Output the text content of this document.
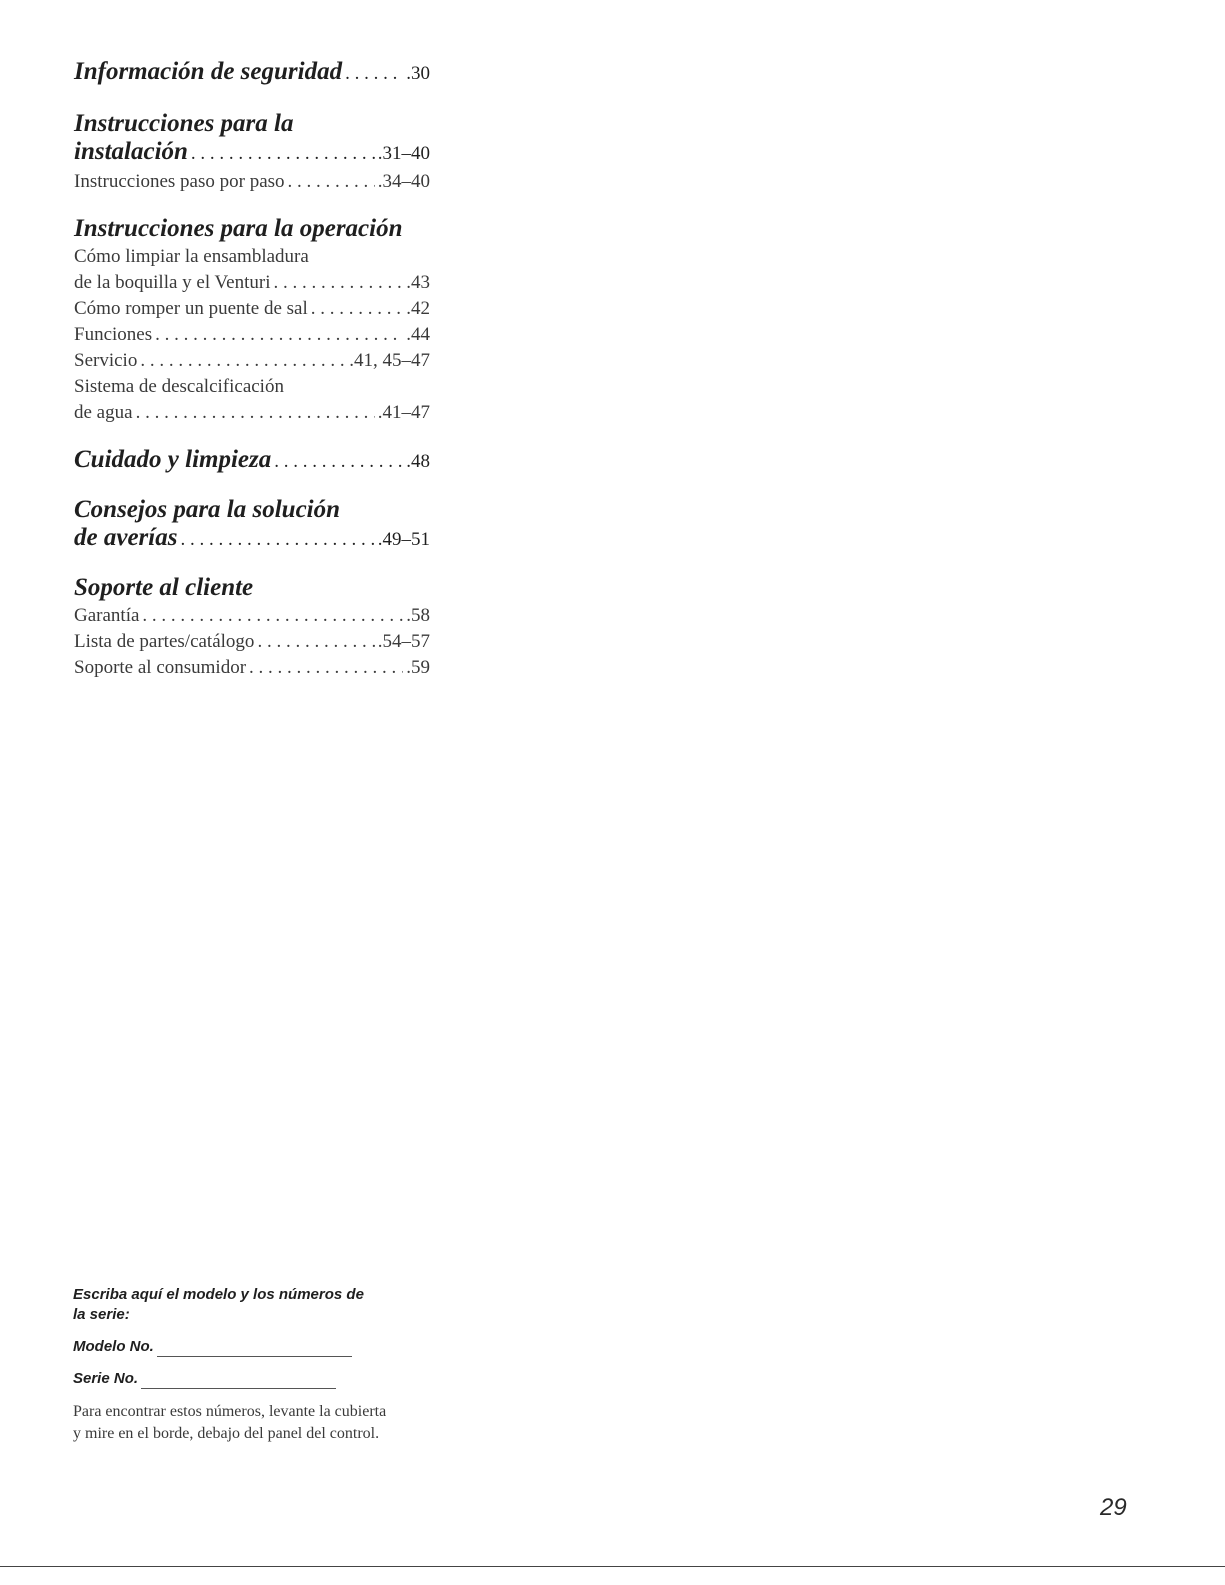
Información de seguridad . . .	.30
Instrucciones para la
instalación . . .	.31–40
Instrucciones paso por paso . . .	.34–40
Instrucciones para la operación
Cómo limpiar la ensambladura
de la boquilla y el Venturi . . .	.43
Cómo romper un puente de sal . . .	.42
Funciones . . .	.44
Servicio . . .	.41, 45–47
Sistema de descalcificación
de agua . . .	.41–47
Cuidado y limpieza . . .	.48
Consejos para la solución
de averías . . .	.49–51
Soporte al cliente
Garantía . . .	.58
Lista de partes/catálogo . . .	.54–57
Soporte al consumidor . . .	.59
Escriba aquí el modelo y los números de la serie:
Modelo No.
Serie No.
Para encontrar estos números, levante la cubierta y mire en el borde, debajo del panel del control.
29
